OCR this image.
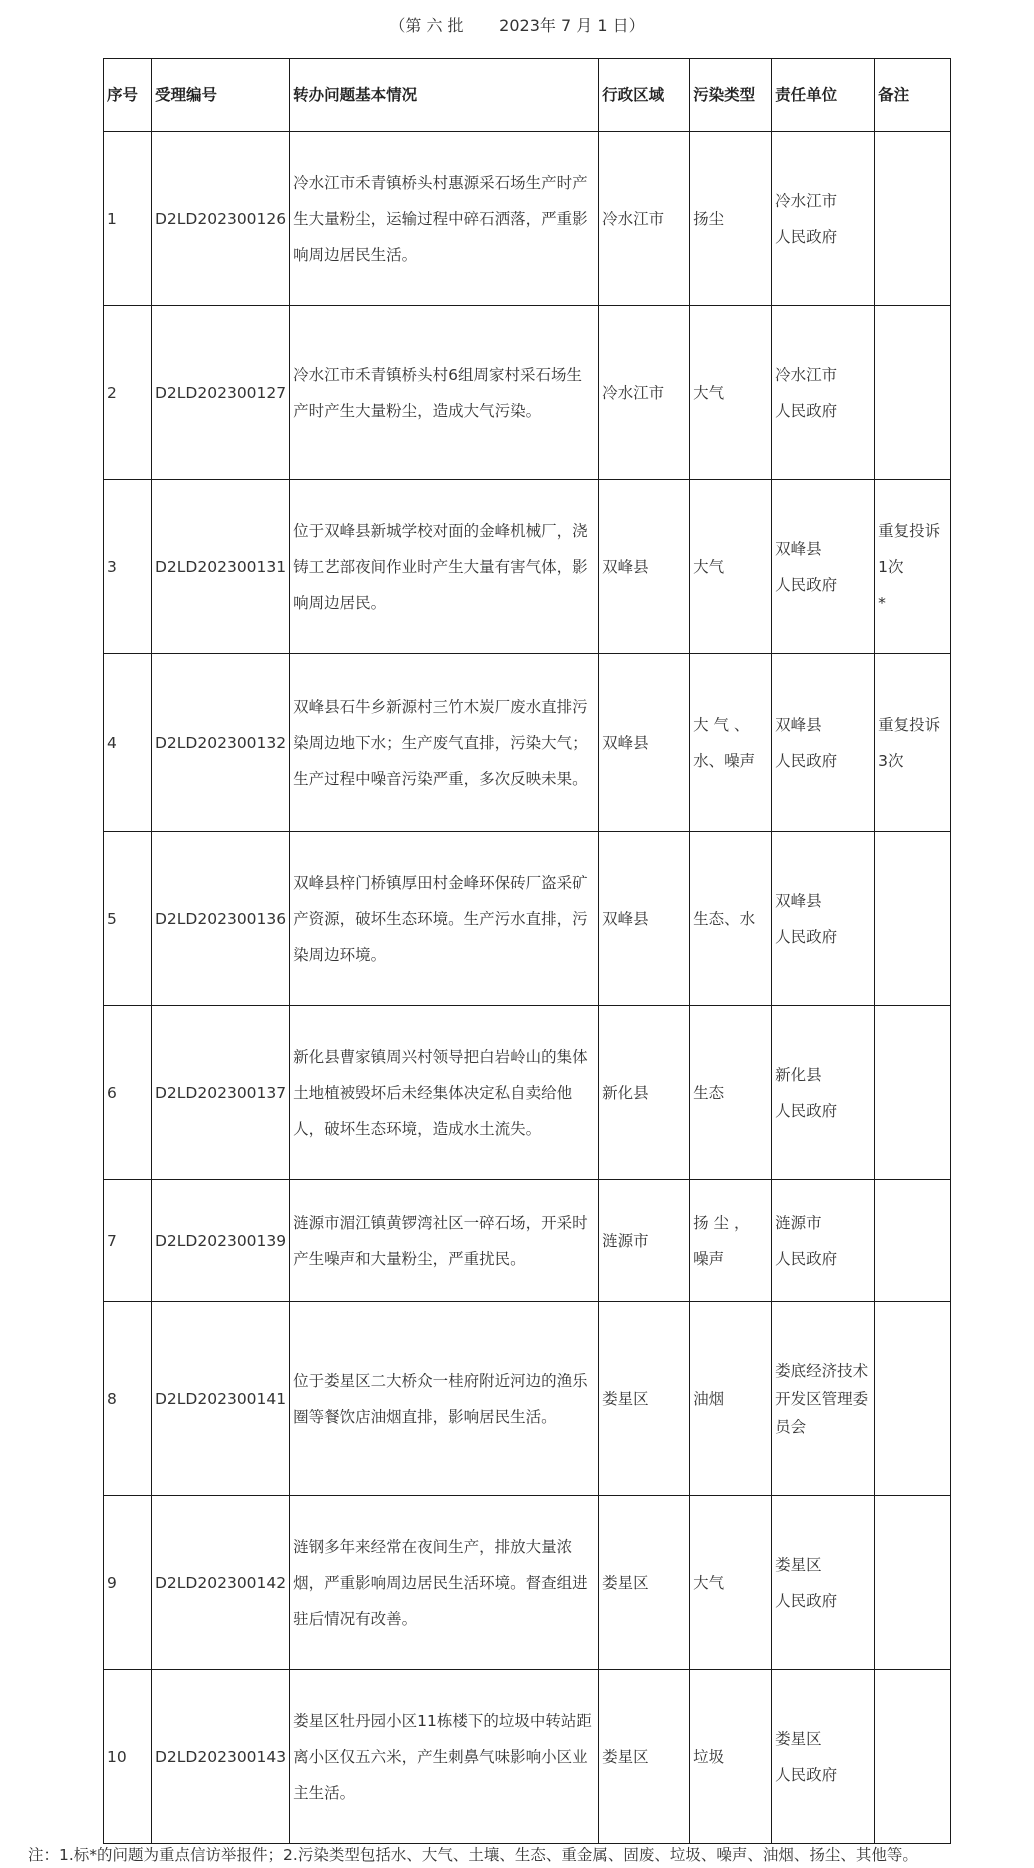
（第 六 批 2023年 7 月 1 日）
序号	受理编号	转办问题基本情况	行政区域	污染类型	责任单位	备注
1	D2LD202300126	冷水江市禾青镇桥头村惠源采石场生产时产生大量粉尘，运输过程中碎石洒落，严重影响周边居民生活。	冷水江市	扬尘	冷水江市
人民政府	

2	D2LD202300127	冷水江市禾青镇桥头村6组周家村采石场生产时产生大量粉尘，造成大气污染。	冷水江市	大气	冷水江市
人民政府	

3	D2LD202300131	位于双峰县新城学校对面的金峰机械厂，浇铸工艺部夜间作业时产生大量有害气体，影响周边居民。	双峰县	大气	双峰县
人民政府	重复投诉1次
*

4	D2LD202300132	双峰县石牛乡新源村三竹木炭厂废水直排污染周边地下水；生产废气直排，污染大气；生产过程中噪音污染严重，多次反映未果。	双峰县	大 气 、水、噪声	双峰县
人民政府	重复投诉3次

5	D2LD202300136	双峰县梓门桥镇厚田村金峰环保砖厂盗采矿产资源，破坏生态环境。生产污水直排，污染周边环境。	双峰县	生态、水	双峰县
人民政府	

6	D2LD202300137	新化县曹家镇周兴村领导把白岩岭山的集体土地植被毁坏后未经集体决定私自卖给他人，破坏生态环境，造成水土流失。	新化县	生态	新化县
人民政府	

7	D2LD202300139	涟源市湄江镇黄锣湾社区一碎石场，开采时产生噪声和大量粉尘，严重扰民。	涟源市	扬 尘 ， 噪声	涟源市
人民政府	

8	D2LD202300141	位于娄星区二大桥众一桂府附近河边的渔乐圈等餐饮店油烟直排，影响居民生活。	娄星区	油烟	娄底经济技术开发区管理委员会	

9	D2LD202300142	涟钢多年来经常在夜间生产，排放大量浓烟，严重影响周边居民生活环境。督查组进驻后情况有改善。	娄星区	大气	娄星区
人民政府	

10	D2LD202300143	娄星区牡丹园小区11栋楼下的垃圾中转站距离小区仅五六米，产生刺鼻气味影响小区业主生活。	娄星区	垃圾	娄星区
人民政府	

注：1.标*的问题为重点信访举报件；2.污染类型包括水、大气、土壤、生态、重金属、固废、垃圾、噪声、油烟、扬尘、其他等。
